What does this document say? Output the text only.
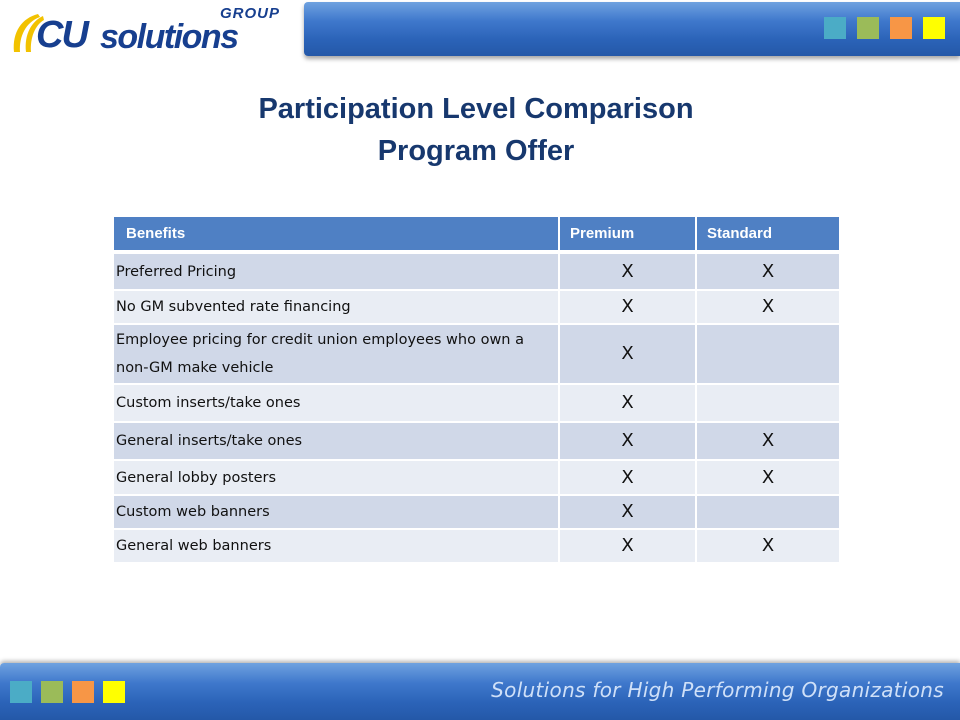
CU solutions
GROUP
Participation Level Comparison
Program Offer
Benefits	Premium	Standard
Preferred Pricing	X	X
No GM subvented rate financing	X	X
Employee pricing for credit union employees who own a non-GM make vehicle	X	
Custom inserts/take ones	X	
General inserts/take ones	X	X
General lobby posters	X	X
Custom web banners	X	
General web banners	X	X
Solutions for High Performing Organizations
